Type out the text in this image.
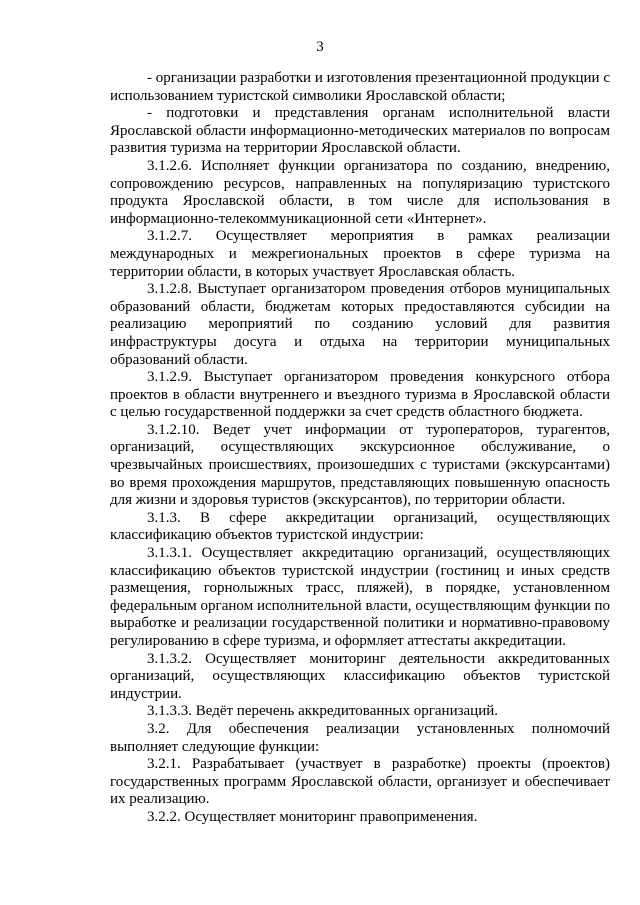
3

- организации разработки и изготовления презентационной продукции с использованием туристской символики Ярославской области;

- подготовки и представления органам исполнительной власти Ярославской области информационно-методических материалов по вопросам развития туризма на территории Ярославской области.

3.1.2.6. Исполняет функции организатора по созданию, внедрению, сопровождению ресурсов, направленных на популяризацию туристского продукта Ярославской области, в том числе для использования в информационно-телекоммуникационной сети «Интернет».

3.1.2.7. Осуществляет мероприятия в рамках реализации международных и межрегиональных проектов в сфере туризма на территории области, в которых участвует Ярославская область.

3.1.2.8. Выступает организатором проведения отборов муниципальных образований области, бюджетам которых предоставляются субсидии на реализацию мероприятий по созданию условий для развития инфраструктуры досуга и отдыха на территории муниципальных образований области.

3.1.2.9. Выступает организатором проведения конкурсного отбора проектов в области внутреннего и въездного туризма в Ярославской области с целью государственной поддержки за счет средств областного бюджета.

3.1.2.10. Ведет учет информации от туроператоров, турагентов, организаций, осуществляющих экскурсионное обслуживание, о чрезвычайных происшествиях, произошедших с туристами (экскурсантами) во время прохождения маршрутов, представляющих повышенную опасность для жизни и здоровья туристов (экскурсантов), по территории области.

3.1.3. В сфере аккредитации организаций, осуществляющих классификацию объектов туристской индустрии:

3.1.3.1. Осуществляет аккредитацию организаций, осуществляющих классификацию объектов туристской индустрии (гостиниц и иных средств размещения, горнолыжных трасс, пляжей), в порядке, установленном федеральным органом исполнительной власти, осуществляющим функции по выработке и реализации государственной политики и нормативно-правовому регулированию в сфере туризма, и оформляет аттестаты аккредитации.

3.1.3.2. Осуществляет мониторинг деятельности аккредитованных организаций, осуществляющих классификацию объектов туристской индустрии.

3.1.3.3. Ведёт перечень аккредитованных организаций.

3.2. Для обеспечения реализации установленных полномочий выполняет следующие функции:

3.2.1. Разрабатывает (участвует в разработке) проекты (проектов) государственных программ Ярославской области, организует и обеспечивает их реализацию.

3.2.2. Осуществляет мониторинг правоприменения.
